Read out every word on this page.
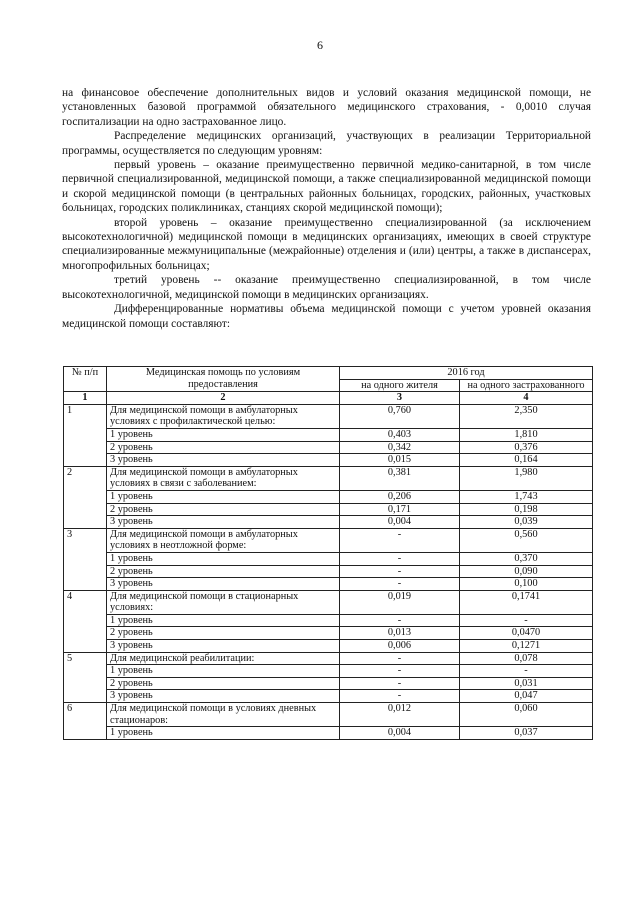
6

на финансовое обеспечение дополнительных видов и условий оказания медицинской помощи, не установленных базовой программой обязательного медицинского страхования, - 0,0010 случая госпитализации на одно застрахованное лицо.

Распределение медицинских организаций, участвующих в реализации Территориальной программы, осуществляется по следующим уровням:

первый уровень – оказание преимущественно первичной медико-санитарной, в том числе первичной специализированной, медицинской помощи, а также специализированной медицинской помощи и скорой медицинской помощи (в центральных районных больницах, городских, районных, участковых больницах, городских поликлиниках, станциях скорой медицинской помощи);

второй уровень – оказание преимущественно специализированной (за исключением высокотехнологичной) медицинской помощи в медицинских организациях, имеющих в своей структуре специализированные межмуниципальные (межрайонные) отделения и (или) центры, а также в диспансерах, многопрофильных больницах;

третий уровень -- оказание преимущественно специализированной, в том числе высокотехнологичной, медицинской помощи в медицинских организациях.

Дифференцированные нормативы объема медицинской помощи с учетом уровней оказания медицинской помощи составляют:

№ п/п	Медицинская помощь по условиям предоставления	2016 год	
		на одного жителя	на одного застрахованного
1	2	3	4
1	Для медицинской помощи в амбулаторных условиях с профилактической целью:	0,760	2,350
	1 уровень	0,403	1,810
	2 уровень	0,342	0,376
	3 уровень	0,015	0,164
2	Для медицинской помощи в амбулаторных условиях в связи с заболеванием:	0,381	1,980
	1 уровень	0,206	1,743
	2 уровень	0,171	0,198
	3 уровень	0,004	0,039
3	Для медицинской помощи в амбулаторных условиях в неотложной форме:	-	0,560
	1 уровень	-	0,370
	2 уровень	-	0,090
	3 уровень	-	0,100
4	Для медицинской помощи в стационарных условиях:	0,019	0,1741
	1 уровень	-	-
	2 уровень	0,013	0,0470
	3 уровень	0,006	0,1271
5	Для медицинской реабилитации:	-	0,078
	1 уровень	-	-
	2 уровень	-	0,031
	3 уровень	-	0,047
6	Для медицинской помощи в условиях дневных стационаров:	0,012	0,060
	1 уровень	0,004	0,037
